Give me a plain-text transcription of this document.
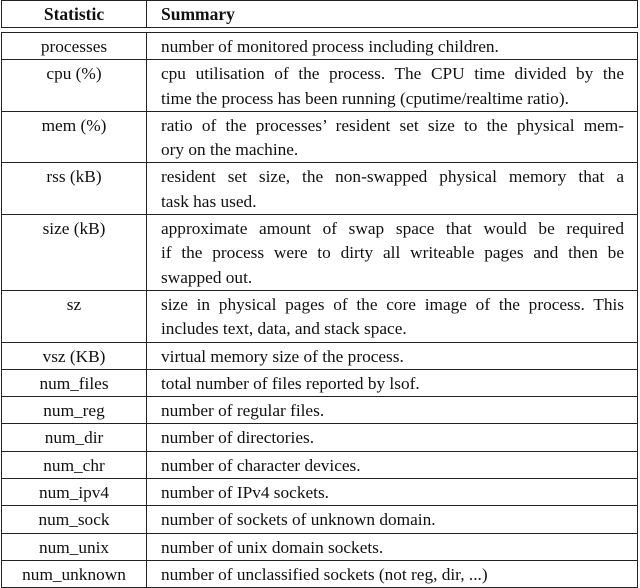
Statistic	Summary
processes	number of monitored process including children.
cpu (%)	cpu utilisation of the process. The CPU time divided by the
time the process has been running (cputime/realtime ratio).
mem (%)	ratio of the processes’ resident set size to the physical mem-
ory on the machine.
rss (kB)	resident set size, the non-swapped physical memory that a
task has used.
size (kB)	approximate amount of swap space that would be required
if the process were to dirty all writeable pages and then be
swapped out.
sz	size in physical pages of the core image of the process. This
includes text, data, and stack space.
vsz (KB)	virtual memory size of the process.
num_files	total number of files reported by lsof.
num_reg	number of regular files.
num_dir	number of directories.
num_chr	number of character devices.
num_ipv4	number of IPv4 sockets.
num_sock	number of sockets of unknown domain.
num_unix	number of unix domain sockets.
num_unknown	number of unclassified sockets (not reg, dir, ...)
